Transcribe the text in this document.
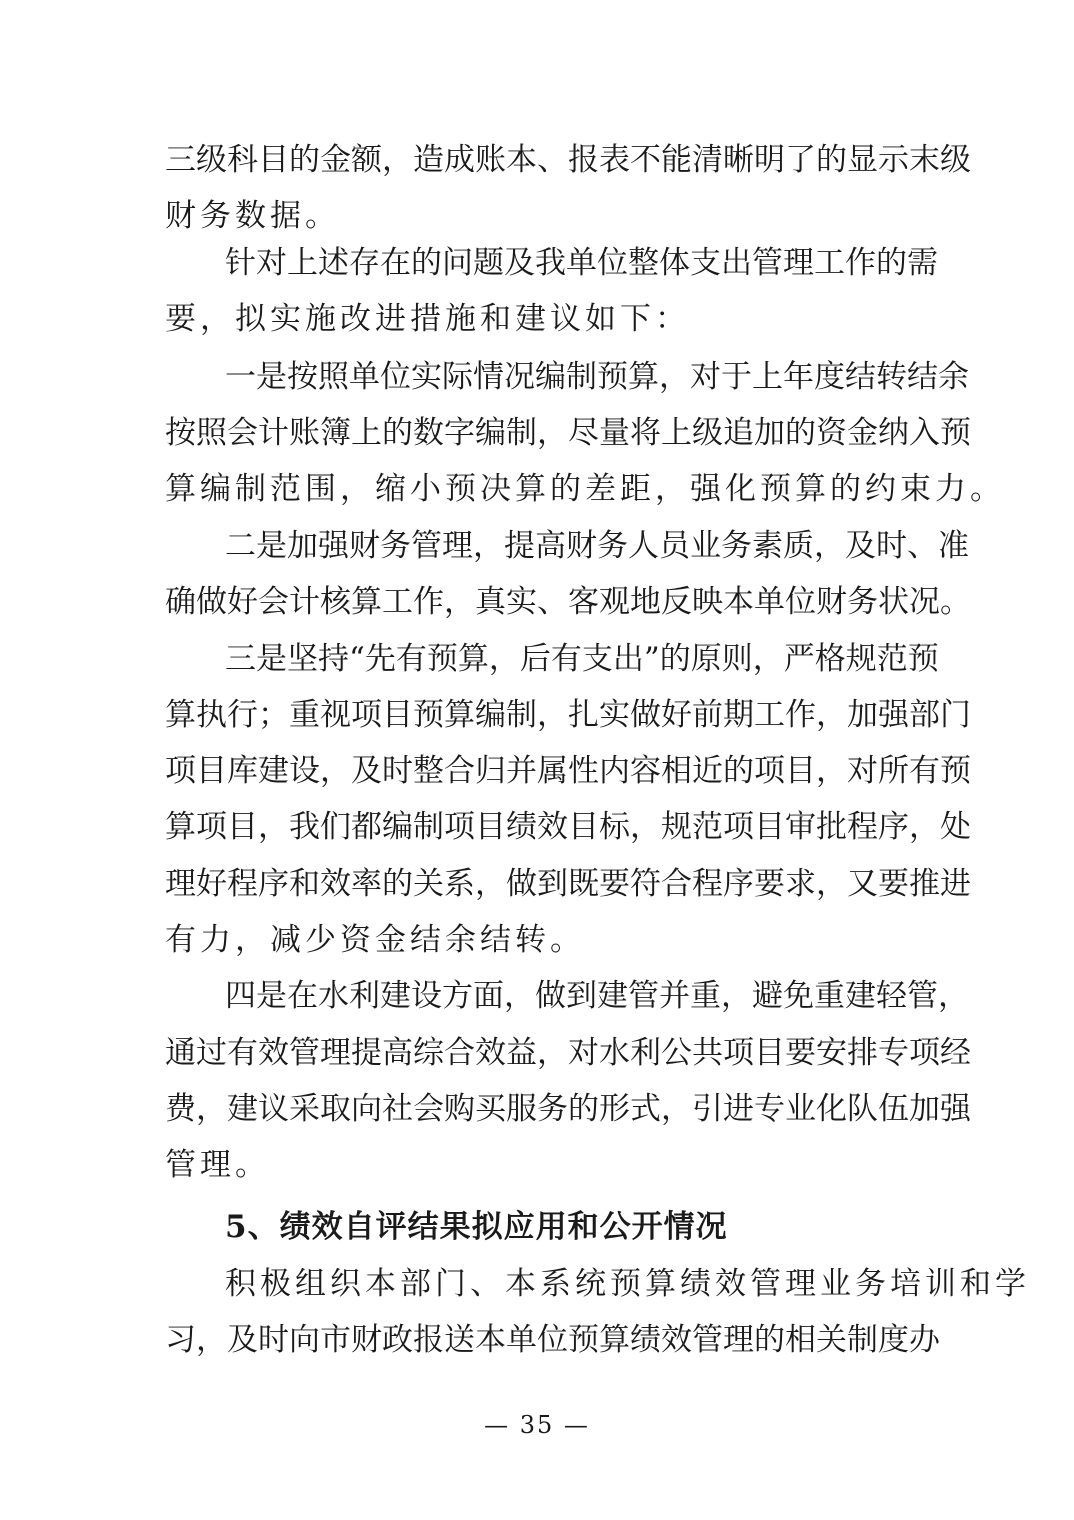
三级科目的金额，造成账本、报表不能清晰明了的显示末级
财务数据。
针对上述存在的问题及我单位整体支出管理工作的需
要，拟实施改进措施和建议如下：
一是按照单位实际情况编制预算，对于上年度结转结余
按照会计账簿上的数字编制，尽量将上级追加的资金纳入预
算编制范围，缩小预决算的差距，强化预算的约束力。
二是加强财务管理，提高财务人员业务素质，及时、准
确做好会计核算工作，真实、客观地反映本单位财务状况。
三是坚持“先有预算，后有支出”的原则，严格规范预
算执行；重视项目预算编制，扎实做好前期工作，加强部门
项目库建设，及时整合归并属性内容相近的项目，对所有预
算项目，我们都编制项目绩效目标，规范项目审批程序，处
理好程序和效率的关系，做到既要符合程序要求，又要推进
有力，减少资金结余结转。
四是在水利建设方面，做到建管并重，避免重建轻管，
通过有效管理提高综合效益，对水利公共项目要安排专项经
费，建议采取向社会购买服务的形式，引进专业化队伍加强
管理。
5、绩效自评结果拟应用和公开情况
积极组织本部门、本系统预算绩效管理业务培训和学
习，及时向市财政报送本单位预算绩效管理的相关制度办
— 35 —
